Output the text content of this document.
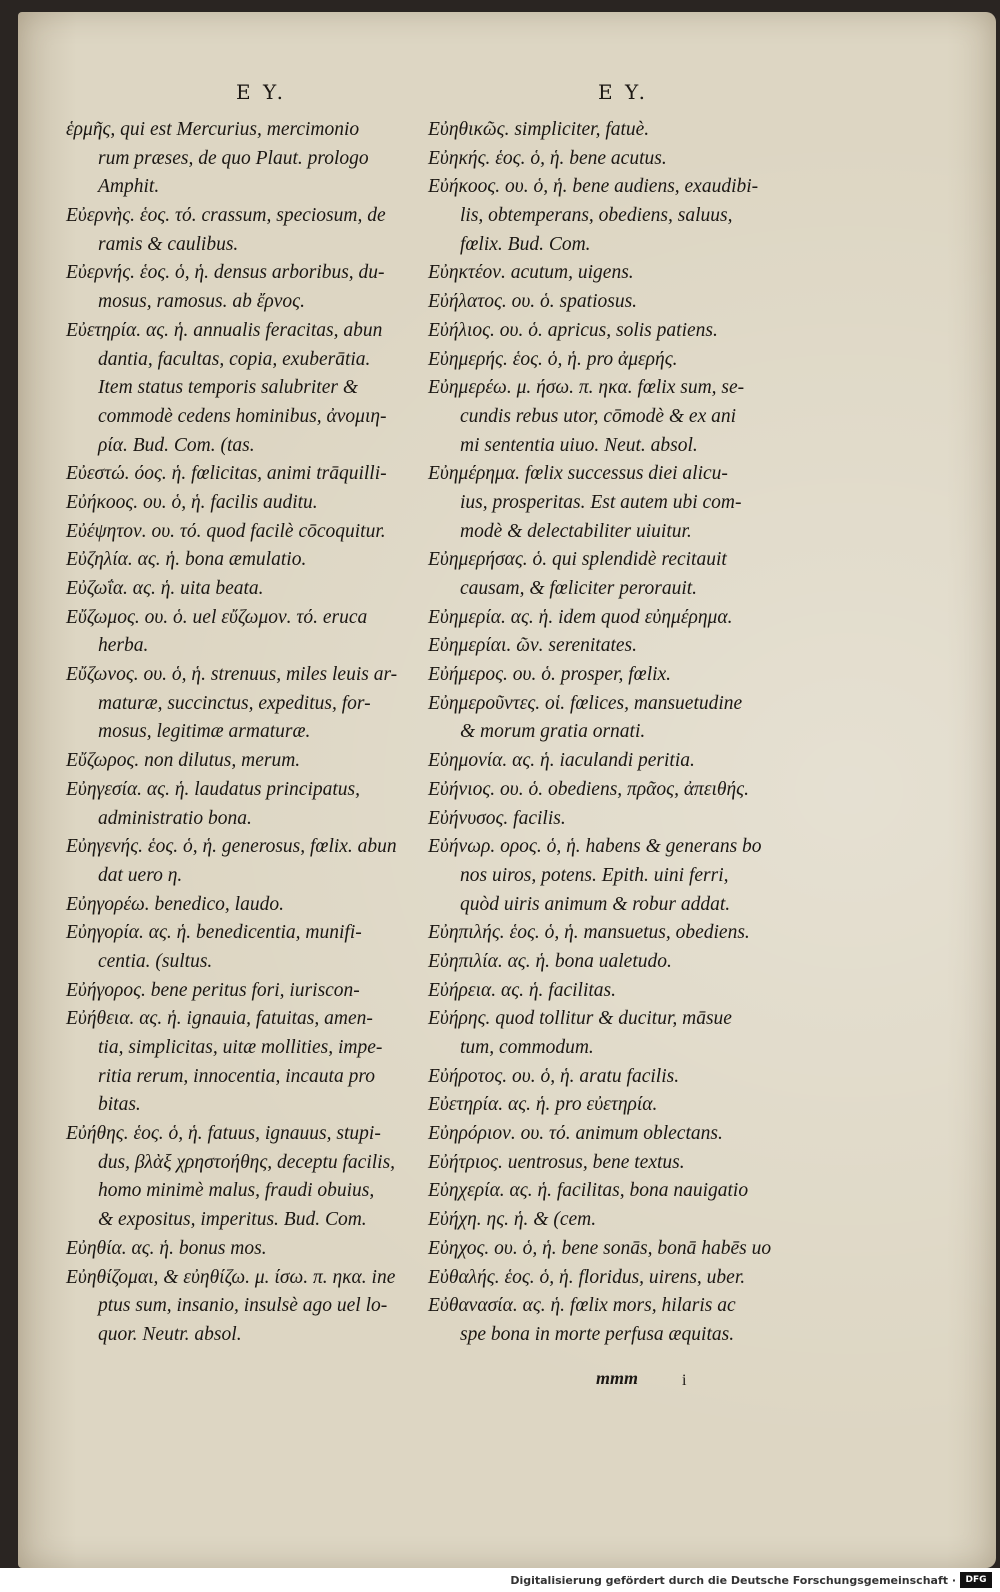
E Y.	E Y.
ἑρμῆς, qui est Mercurius, mercimonio
rum præses, de quo Plaut. prologo
Amphit.
Εὐερνὴς. ἑος. τό. crassum, speciosum, de
ramis & caulibus.
Εὐερνής. ἑος. ὁ, ἡ. densus arboribus, du-
mosus, ramosus. ab ἔρνος.
Εὐετηρία. ας. ἡ. annualis feracitas, abun
dantia, facultas, copia, exuberātia.
Item status temporis salubriter &
commodè cedens hominibus, ἀνομιη-
ρία. Bud. Com. (tas.
Εὐεστώ. όος. ἡ. fœlicitas, animi trāquilli-
Εὐήκοος. ου. ὁ, ἡ. facilis auditu.
Εὐέψητον. ου. τό. quod facilè cōcoquitur.
Εὐζηλία. ας. ἡ. bona æmulatio.
Εὐζωΐα. ας. ἡ. uita beata.
Εὔζωμος. ου. ὁ. uel εὔζωμον. τό. eruca
herba.
Εὔζωνος. ου. ὁ, ἡ. strenuus, miles leuis ar-
maturæ, succinctus, expeditus, for-
mosus, legitimæ armaturæ.
Εὔζωρος. non dilutus, merum.
Εὐηγεσία. ας. ἡ. laudatus principatus,
administratio bona.
Εὐηγενής. ἑος. ὁ, ἡ. generosus, fœlix. abun
dat uero η.
Εὐηγορέω. benedico, laudo.
Εὐηγορία. ας. ἡ. benedicentia, munifi-
centia. (sultus.
Εὐήγορος. bene peritus fori, iuriscon-
Εὐήθεια. ας. ἡ. ignauia, fatuitas, amen-
tia, simplicitas, uitæ mollities, impe-
ritia rerum, innocentia, incauta pro
bitas.
Εὐήθης. ἑος. ὁ, ἡ. fatuus, ignauus, stupi-
dus, βλὰξ χρηστοήθης, deceptu facilis,
homo minimè malus, fraudi obuius,
& expositus, imperitus. Bud. Com.
Εὐηθία. ας. ἡ. bonus mos.
Εὐηθίζομαι, & εὐηθίζω. μ. ίσω. π. ηκα. ine
ptus sum, insanio, insulsè ago uel lo-
quor. Neutr. absol.
Εὐηθικῶς. simpliciter, fatuè.
Εὐηκής. ἑος. ὁ, ἡ. bene acutus.
Εὐήκοος. ου. ὁ, ἡ. bene audiens, exaudibi-
lis, obtemperans, obediens, saluus,
fœlix. Bud. Com.
Εὐηκτέον. acutum, uigens.
Εὐήλατος. ου. ὁ. spatiosus.
Εὐήλιος. ου. ὁ. apricus, solis patiens.
Εὐημερής. ἑος. ὁ, ἡ. pro ἀμερής.
Εὐημερέω. μ. ήσω. π. ηκα. fœlix sum, se-
cundis rebus utor, cōmodè & ex ani
mi sententia uiuo. Neut. absol.
Εὐημέρημα. fœlix successus diei alicu-
ius, prosperitas. Est autem ubi com-
modè & delectabiliter uiuitur.
Εὐημερήσας. ὁ. qui splendidè recitauit
causam, & fœliciter perorauit.
Εὐημερία. ας. ἡ. idem quod εὐημέρημα.
Εὐημερίαι. ῶν. serenitates.
Εὐήμερος. ου. ὁ. prosper, fœlix.
Εὐημεροῦντες. οἱ. fœlices, mansuetudine
& morum gratia ornati.
Εὐημονία. ας. ἡ. iaculandi peritia.
Εὐήνιος. ου. ὁ. obediens, πρᾶος, ἀπειθής.
Εὐήνυσος. facilis.
Εὐήνωρ. ορος. ὁ, ἡ. habens & generans bo
nos uiros, potens. Epith. uini ferri,
quòd uiris animum & robur addat.
Εὐηπιλής. ἑος. ὁ, ἡ. mansuetus, obediens.
Εὐηπιλία. ας. ἡ. bona ualetudo.
Εὐήρεια. ας. ἡ. facilitas.
Εὐήρης. quod tollitur & ducitur, māsue
tum, commodum.
Εὐήροτος. ου. ὁ, ἡ. aratu facilis.
Εὐετηρία. ας. ἡ. pro εὐετηρία.
Εὐηρόριον. ου. τό. animum oblectans.
Εὐήτριος. uentrosus, bene textus.
Εὐηχερία. ας. ἡ. facilitas, bona nauigatio
Εὐήχη. ης. ἡ. & (cem.
Εὐηχος. ου. ὁ, ἡ. bene sonās, bonā habēs uo
Εὐθαλής. ἑος. ὁ, ἡ. floridus, uirens, uber.
Εὐθανασία. ας. ἡ. fœlix mors, hilaris ac
spe bona in morte perfusa æquitas.
mmm	i
Digitalisierung gefördert durch die Deutsche Forschungsgemeinschaft ·	DFG
